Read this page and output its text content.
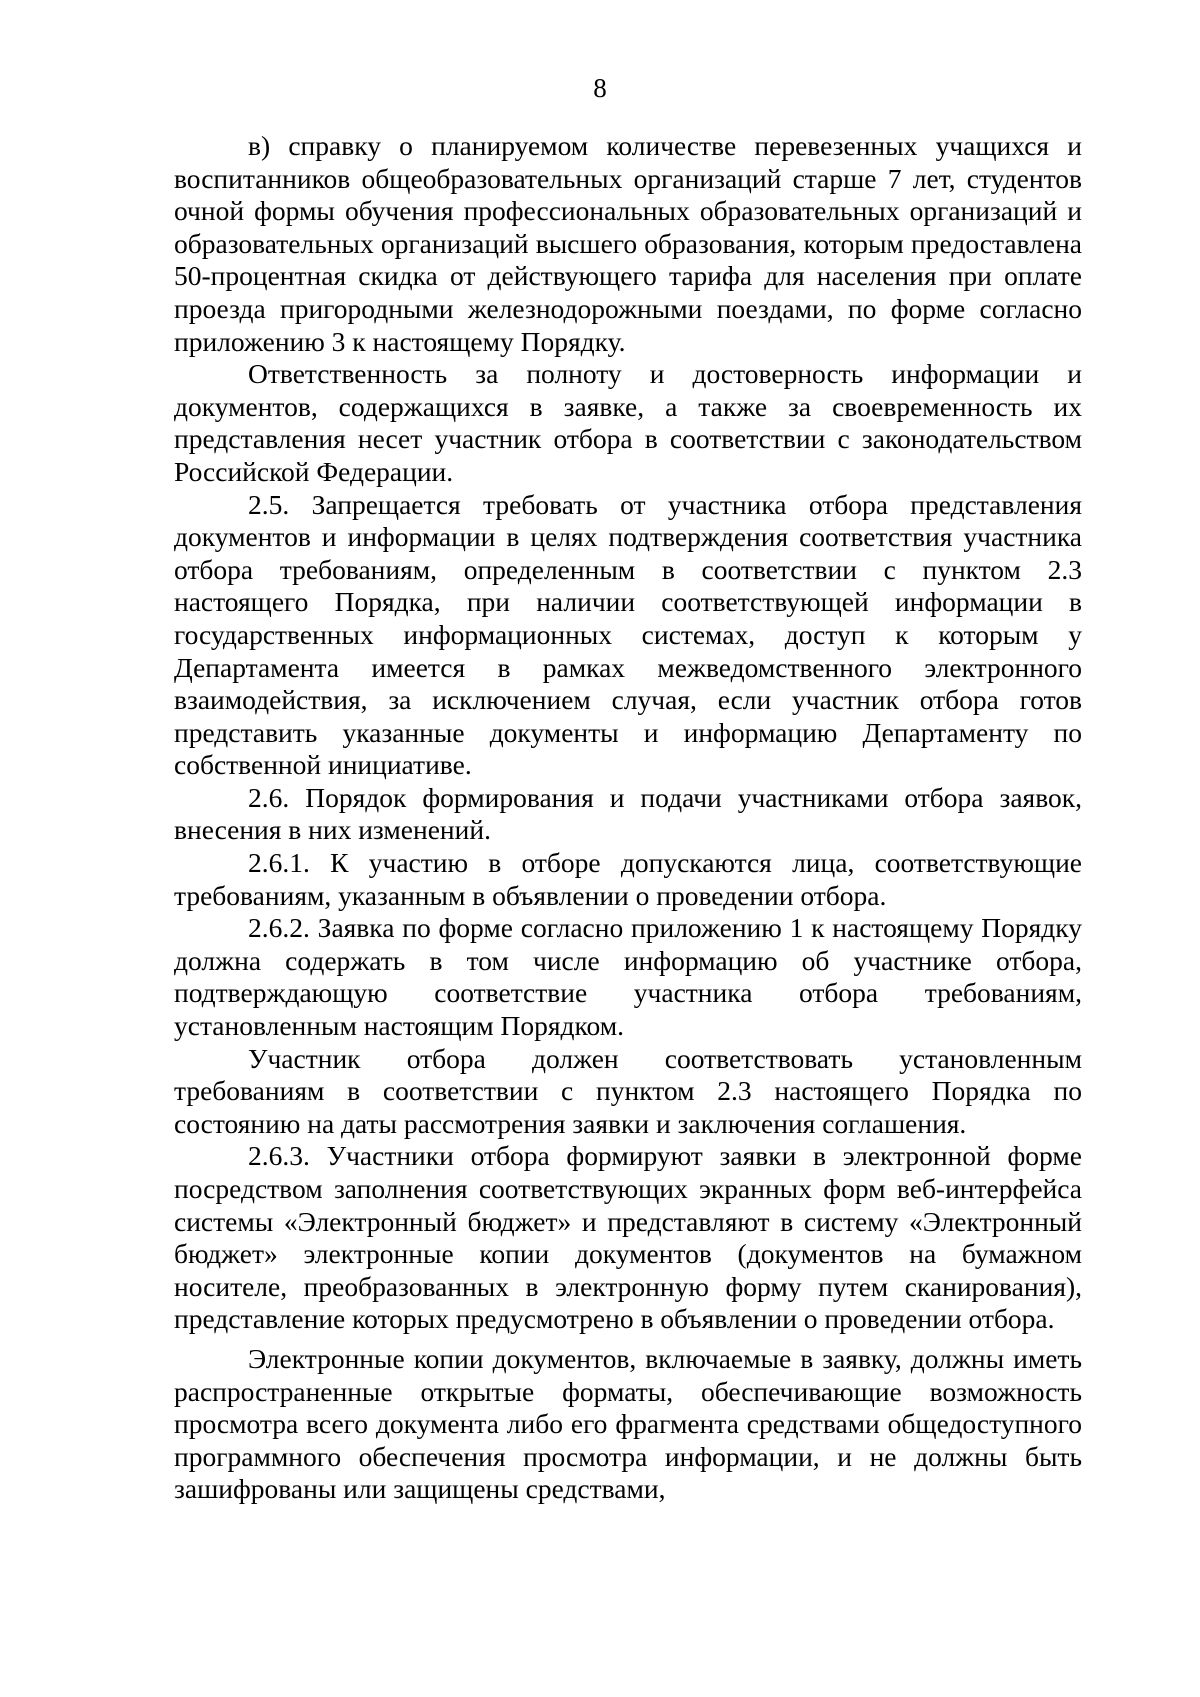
8

в) справку о планируемом количестве перевезенных учащихся и воспитанников общеобразовательных организаций старше 7 лет, студентов очной формы обучения профессиональных образовательных организаций и образовательных организаций высшего образования, которым предоставлена 50-процентная скидка от действующего тарифа для населения при оплате проезда пригородными железнодорожными поездами, по форме согласно приложению 3 к настоящему Порядку.

Ответственность за полноту и достоверность информации и документов, содержащихся в заявке, а также за своевременность их представления несет участник отбора в соответствии с законодательством Российской Федерации.

2.5. Запрещается требовать от участника отбора представления документов и информации в целях подтверждения соответствия участника отбора требованиям, определенным в соответствии с пунктом 2.3 настоящего Порядка, при наличии соответствующей информации в государственных информационных системах, доступ к которым у Департамента имеется в рамках межведомственного электронного взаимодействия, за исключением случая, если участник отбора готов представить указанные документы и информацию Департаменту по собственной инициативе.

2.6. Порядок формирования и подачи участниками отбора заявок, внесения в них изменений.

2.6.1. К участию в отборе допускаются лица, соответствующие требованиям, указанным в объявлении о проведении отбора.

2.6.2. Заявка по форме согласно приложению 1 к настоящему Порядку должна содержать в том числе информацию об участнике отбора, подтверждающую соответствие участника отбора требованиям, установленным настоящим Порядком.

Участник отбора должен соответствовать установленным требованиям в соответствии с пунктом 2.3 настоящего Порядка по состоянию на даты рассмотрения заявки и заключения соглашения.

2.6.3. Участники отбора формируют заявки в электронной форме посредством заполнения соответствующих экранных форм веб-интерфейса системы «Электронный бюджет» и представляют в систему «Электронный бюджет» электронные копии документов (документов на бумажном носителе, преобразованных в электронную форму путем сканирования), представление которых предусмотрено в объявлении о проведении отбора.

Электронные копии документов, включаемые в заявку, должны иметь распространенные открытые форматы, обеспечивающие возможность просмотра всего документа либо его фрагмента средствами общедоступного программного обеспечения просмотра информации, и не должны быть зашифрованы или защищены средствами,
